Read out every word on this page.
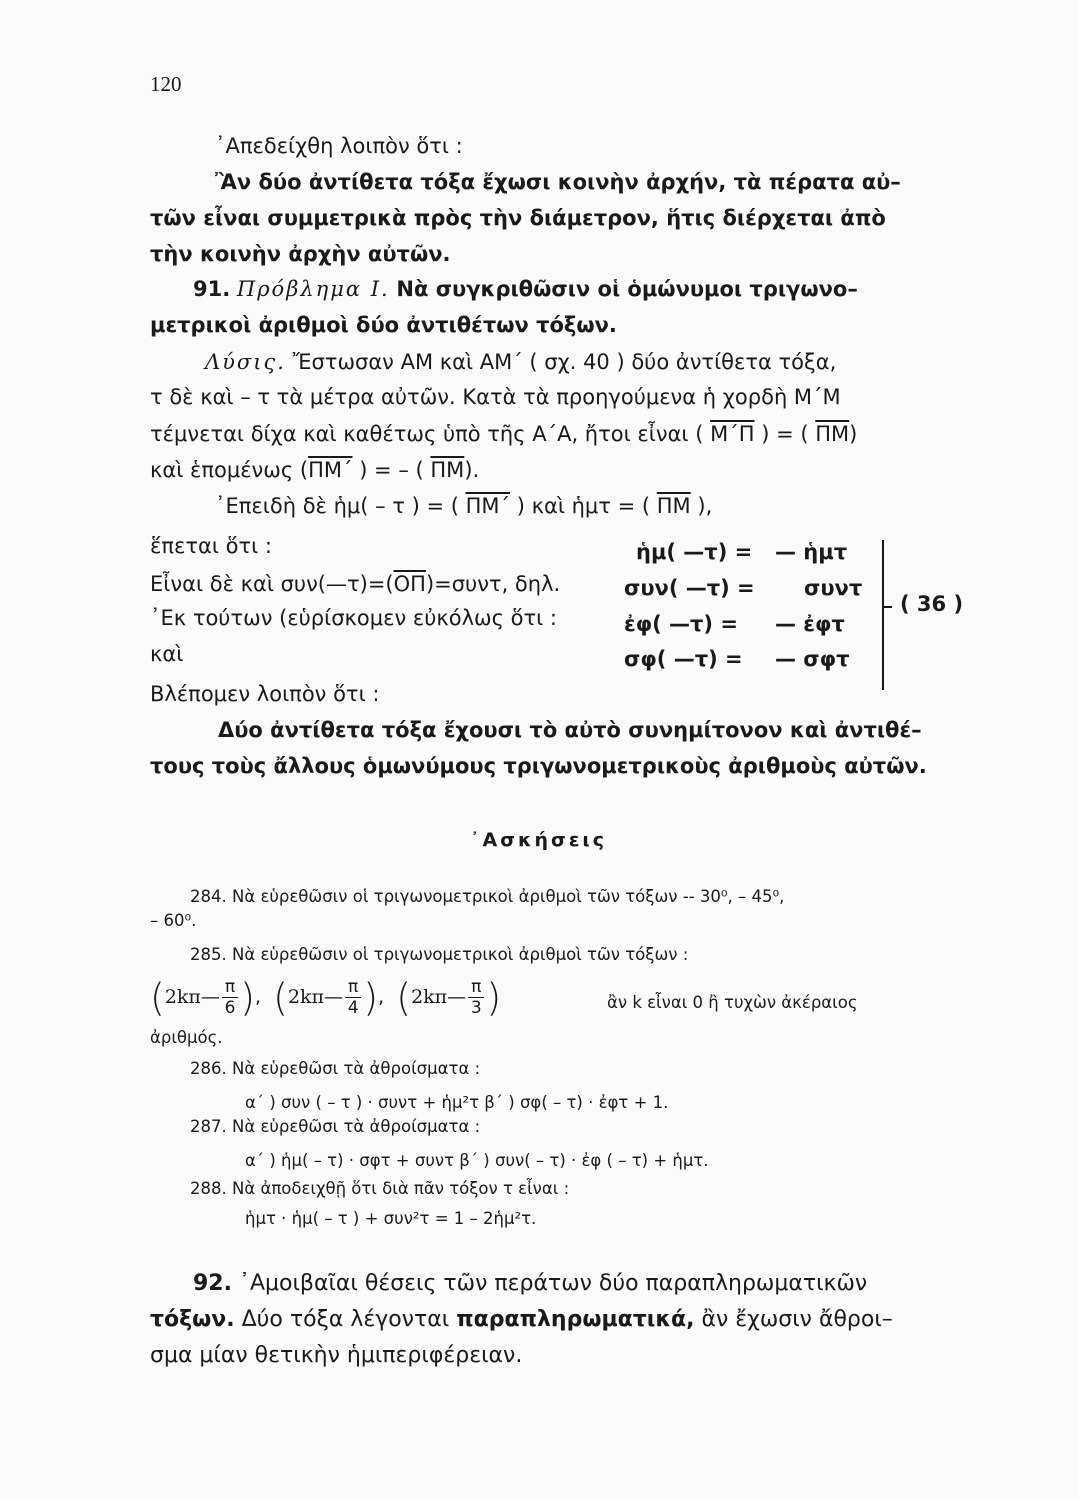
120
᾿Απεδείχθη λοιπὸν ὅτι :
Ἂν δύο ἀντίθετα τόξα ἔχωσι κοινὴν ἀρχήν, τὰ πέρατα αὐ–
τῶν εἶναι συμμετρικὰ πρὸς τὴν διάμετρον, ἥτις διέρχεται ἀπὸ
τὴν κοινὴν ἀρχὴν αὐτῶν.
91. Πρόβλημα Ι. Νὰ συγκριθῶσιν οἱ ὁμώνυμοι τριγωνο–
μετρικοὶ ἀριθμοὶ δύο ἀντιθέτων τόξων.
Λύσις. Ἔστωσαν ΑΜ καὶ ΑΜ΄ ( σχ. 40 ) δύο ἀντίθετα τόξα,
τ δὲ καὶ – τ τὰ μέτρα αὐτῶν. Κατὰ τὰ προηγούμενα ἡ χορδὴ Μ΄Μ
τέμνεται δίχα καὶ καθέτως ὑπὸ τῆς Α΄Α, ἤτοι εἶναι ( $\overline{M΄\Pi}$ ) = ( $\overline{\Pi M}$)
καὶ ἑπομένως ($\overline{\Pi M΄}$ ) = – ( $\overline{\Pi M}$).
᾿Επειδὴ δὲ ἡμ( – τ ) = ( $\overline{\Pi M΄}$ ) καὶ ἡμτ = ( $\overline{\Pi M}$ ),
ἕπεται ὅτι :
Εἶναι δὲ καὶ $\sigma\upsilon\nu(—\tau)=(\overline{O\Pi})=\sigma\upsilon\nu\tau$, δηλ.
᾿Εκ τούτων (εὑρίσκομεν εὐκόλως ὅτι :
καὶ
ἡμ( —τ) = — ἡμτ
συν( —τ) = συντ
ἐφ( —τ) = — ἐφτ
σφ( —τ) = — σφτ
( 36 )
Βλέπομεν λοιπὸν ὅτι :
Δύο ἀντίθετα τόξα ἔχουσι τὸ αὐτὸ συνημίτονον καὶ ἀντιθέ–
τους τοὺς ἄλλους ὁμωνύμους τριγωνομετρικοὺς ἀριθμοὺς αὐτῶν.
᾿Ασκήσεις
284. Νὰ εὑρεθῶσιν οἱ τριγωνομετρικοὶ ἀριθμοὶ τῶν τόξων -- 30⁰, – 45⁰,
– 60⁰.
285. Νὰ εὑρεθῶσιν οἱ τριγωνομετρικοὶ ἀριθμοὶ τῶν τόξων :
(2kπ— $\frac{\pi}{6}$ ),  (2kπ— $\frac{\pi}{4}$ ),  (2kπ— $\frac{\pi}{3}$ )	ἂν k εἶναι 0 ἢ τυχὼν ἀκέραιος
ἀριθμός.
286. Νὰ εὑρεθῶσι τὰ ἀθροίσματα :
α΄ ) συν ( – τ ) · συντ + ἡμ²τ β΄ ) σφ( – τ) · ἐφτ + 1.
287. Νὰ εὑρεθῶσι τὰ ἀθροίσματα :
α΄ ) ἡμ( – τ) · σφτ + συντ β΄ ) συν( – τ) · ἐφ ( – τ) + ἡμτ.
288. Νὰ ἀποδειχθῇ ὅτι διὰ πᾶν τόξον τ εἶναι :
ἡμτ · ἡμ( – τ ) + συν²τ = 1 – 2ἡμ²τ.
92. ᾿Αμοιβαῖαι θέσεις τῶν περάτων δύο παραπληρωματικῶν
τόξων. Δύο τόξα λέγονται παραπληρωματικά, ἂν ἔχωσιν ἄθροι–
σμα μίαν θετικὴν ἡμιπεριφέρειαν.
